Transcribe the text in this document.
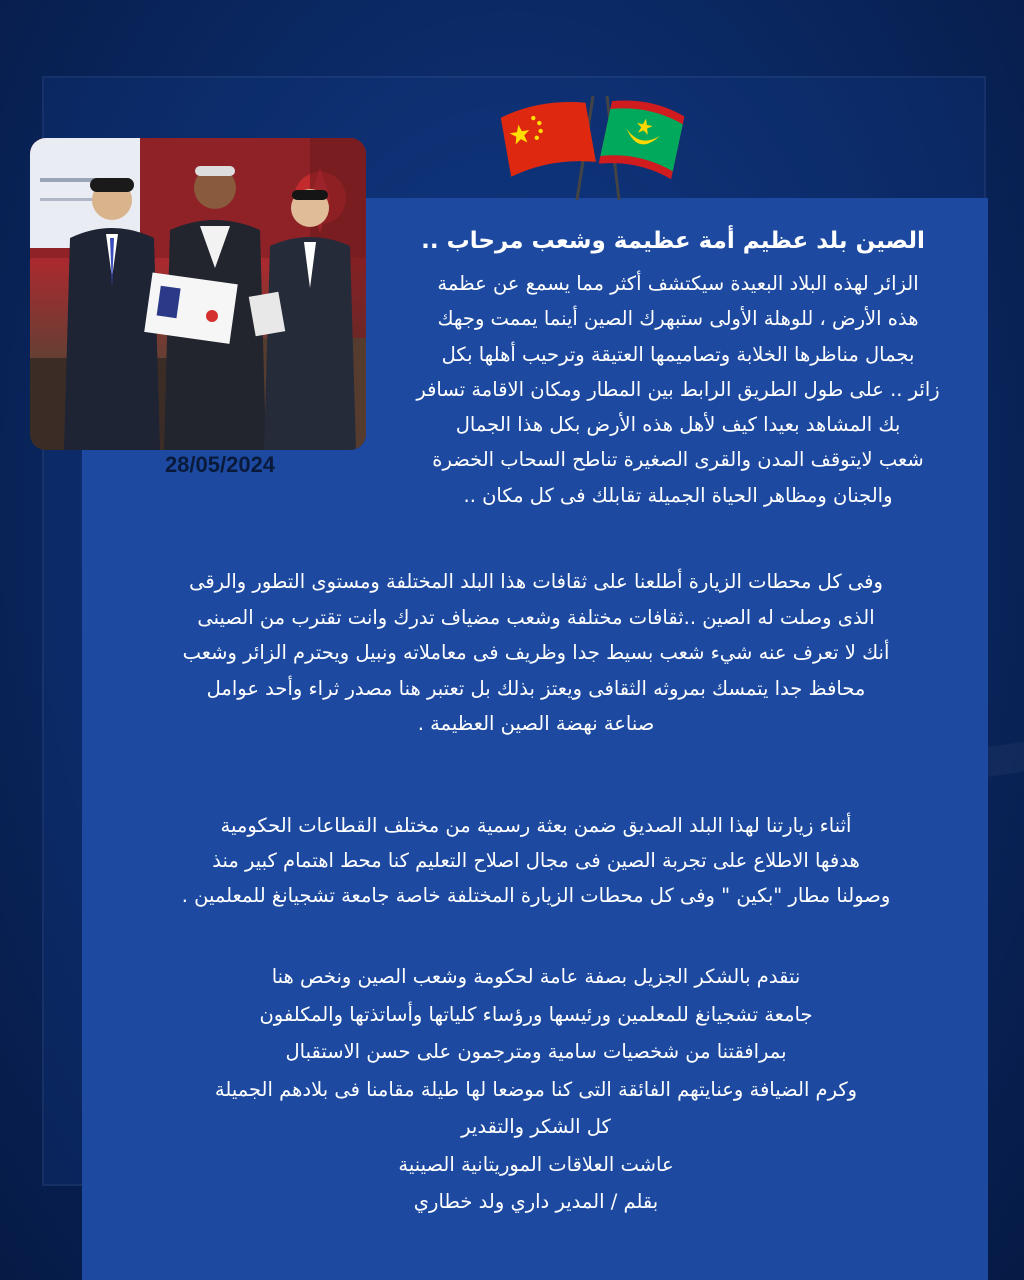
28/05/2024
الصين بلد عظيم أمة عظيمة وشعب مرحاب ..
الزائر لهذه البلاد البعيدة سيكتشف أكثر مما يسمع عن عظمة
هذه الأرض ، للوهلة الأولى ستبهرك الصين أينما يممت وجهك
بجمال مناظرها الخلابة وتصاميمها العتيقة وترحيب أهلها بكل
زائر .. على طول الطريق الرابط بين المطار ومكان الاقامة تسافر
بك المشاهد بعيدا كيف لأهل هذه الأرض بكل هذا الجمال
شعب لايتوقف المدن والقرى الصغيرة تناطح السحاب الخضرة
والجنان ومظاهر الحياة الجميلة تقابلك فى كل مكان ..
وفى كل محطات الزيارة أطلعنا على ثقافات هذا البلد المختلفة ومستوى التطور والرقى
الذى وصلت له الصين ..ثقافات مختلفة وشعب مضياف تدرك وانت تقترب من الصينى
أنك لا تعرف عنه شيء شعب بسيط جدا وظريف فى معاملاته ونبيل ويحترم الزائر وشعب
محافظ جدا يتمسك بمروثه الثقافى ويعتز بذلك بل تعتبر هنا مصدر ثراء وأحد عوامل
صناعة نهضة الصين العظيمة .
أثناء زيارتنا لهذا البلد الصديق ضمن بعثة رسمية من مختلف القطاعات الحكومية
هدفها الاطلاع على تجربة الصين فى مجال اصلاح التعليم كنا محط اهتمام كبير منذ
وصولنا مطار "بكين " وفى كل محطات الزيارة المختلفة خاصة جامعة تشجيانغ للمعلمين .
نتقدم بالشكر الجزيل بصفة عامة لحكومة وشعب الصين ونخص هنا
جامعة تشجيانغ للمعلمين ورئيسها ورؤساء كلياتها وأساتذتها والمكلفون
بمرافقتنا من شخصيات سامية ومترجمون على حسن الاستقبال
وكرم الضيافة وعنايتهم الفائقة التى كنا موضعا لها طيلة مقامنا فى بلادهم الجميلة
كل الشكر والتقدير
عاشت العلاقات الموريتانية الصينية
بقلم / المدير داري ولد خطاري
